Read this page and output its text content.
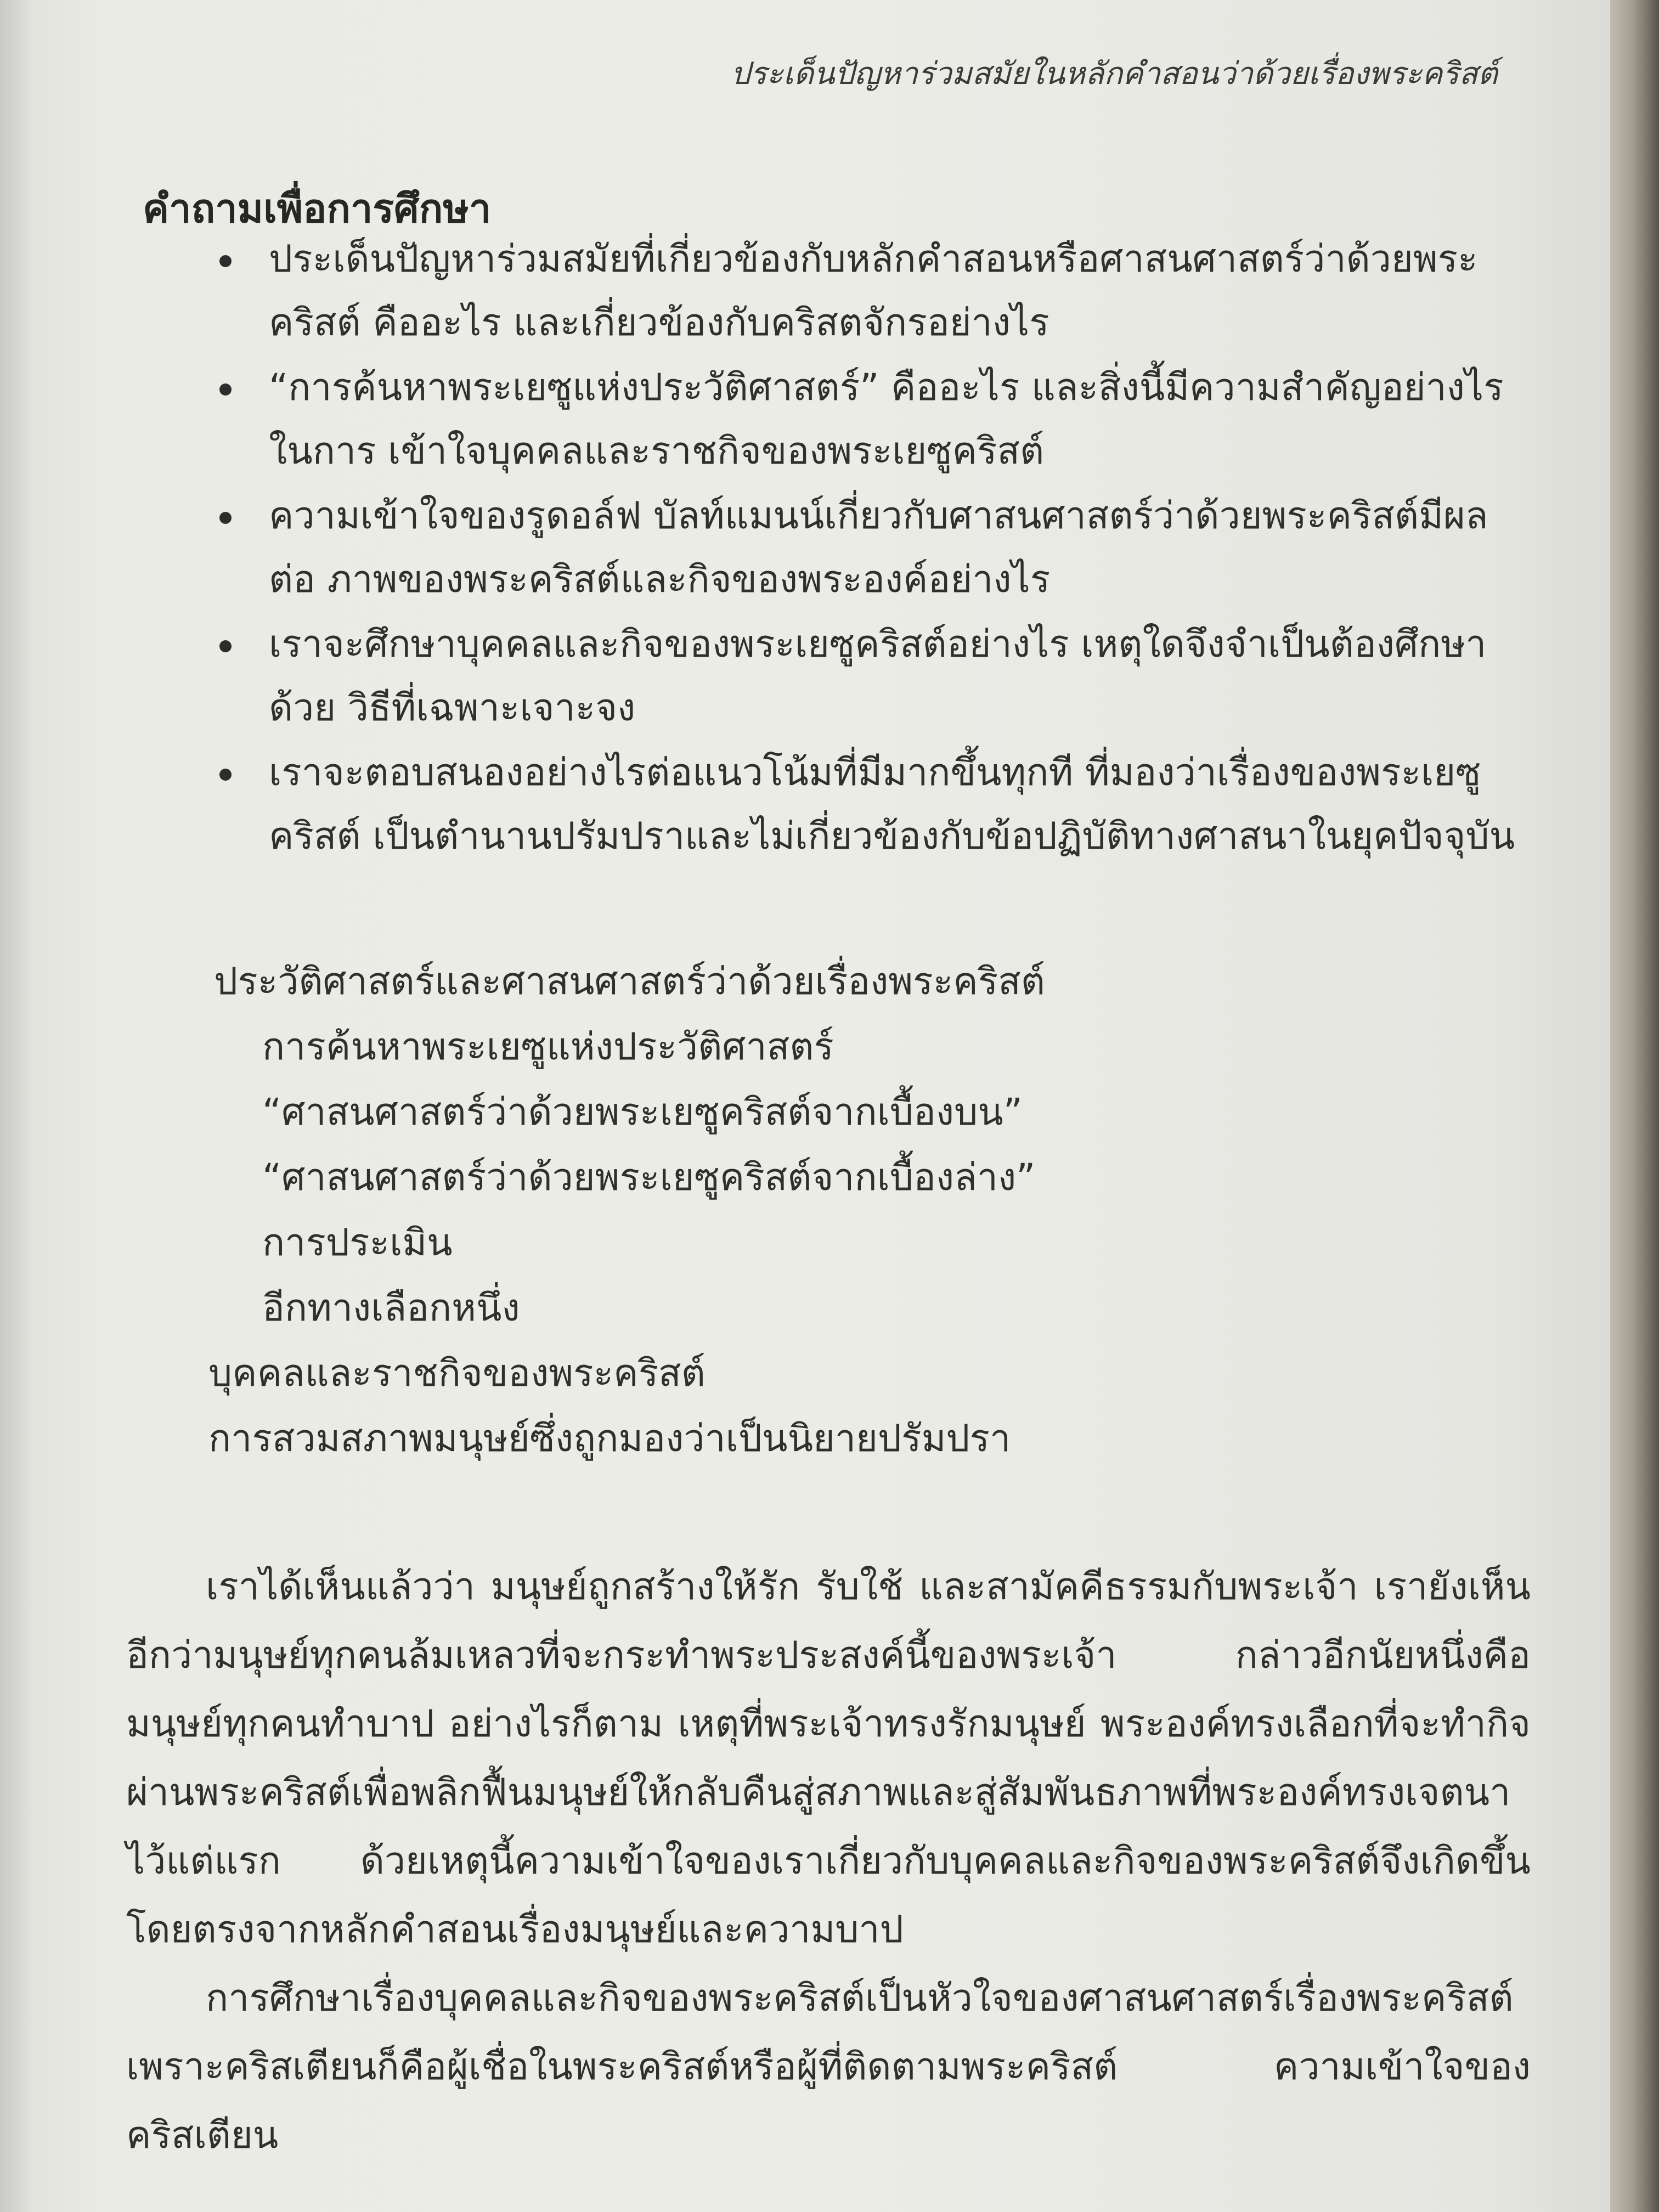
ประเด็นปัญหาร่วมสมัยในหลักคำสอนว่าด้วยเรื่องพระคริสต์
คำถามเพื่อการศึกษา
ประเด็นปัญหาร่วมสมัยที่เกี่ยวข้องกับหลักคำสอนหรือศาสนศาสตร์ว่าด้วยพระคริสต์ คืออะไร และเกี่ยวข้องกับคริสตจักรอย่างไร
“การค้นหาพระเยซูแห่งประวัติศาสตร์” คืออะไร และสิ่งนี้มีความสำคัญอย่างไรในการ เข้าใจบุคคลและราชกิจของพระเยซูคริสต์
ความเข้าใจของรูดอล์ฟ บัลท์แมนน์เกี่ยวกับศาสนศาสตร์ว่าด้วยพระคริสต์มีผลต่อ ภาพของพระคริสต์และกิจของพระองค์อย่างไร
เราจะศึกษาบุคคลและกิจของพระเยซูคริสต์อย่างไร เหตุใดจึงจำเป็นต้องศึกษาด้วย วิธีที่เฉพาะเจาะจง
เราจะตอบสนองอย่างไรต่อแนวโน้มที่มีมากขึ้นทุกที ที่มองว่าเรื่องของพระเยซูคริสต์ เป็นตำนานปรัมปราและไม่เกี่ยวข้องกับข้อปฏิบัติทางศาสนาในยุคปัจจุบัน
ประวัติศาสตร์และศาสนศาสตร์ว่าด้วยเรื่องพระคริสต์
การค้นหาพระเยซูแห่งประวัติศาสตร์
“ศาสนศาสตร์ว่าด้วยพระเยซูคริสต์จากเบื้องบน”
“ศาสนศาสตร์ว่าด้วยพระเยซูคริสต์จากเบื้องล่าง”
การประเมิน
อีกทางเลือกหนึ่ง
บุคคลและราชกิจของพระคริสต์
การสวมสภาพมนุษย์ซึ่งถูกมองว่าเป็นนิยายปรัมปรา

เราได้เห็นแล้วว่า มนุษย์ถูกสร้างให้รัก รับใช้ และสามัคคีธรรมกับพระเจ้า เรายังเห็นอีกว่ามนุษย์ทุกคนล้มเหลวที่จะกระทำพระประสงค์นี้ของพระเจ้า กล่าวอีกนัยหนึ่งคือ มนุษย์ทุกคนทำบาป อย่างไรก็ตาม เหตุที่พระเจ้าทรงรักมนุษย์ พระองค์ทรงเลือกที่จะทำกิจผ่านพระคริสต์เพื่อพลิกฟื้นมนุษย์ให้กลับคืนสู่สภาพและสู่สัมพันธภาพที่พระองค์ทรงเจตนาไว้แต่แรก ด้วยเหตุนี้ความเข้าใจของเราเกี่ยวกับบุคคลและกิจของพระคริสต์จึงเกิดขึ้นโดยตรงจากหลักคำสอนเรื่องมนุษย์และความบาป

การศึกษาเรื่องบุคคลและกิจของพระคริสต์เป็นหัวใจของศาสนศาสตร์เรื่องพระคริสต์ เพราะคริสเตียนก็คือผู้เชื่อในพระคริสต์หรือผู้ที่ติดตามพระคริสต์ ความเข้าใจของคริสเตียน
